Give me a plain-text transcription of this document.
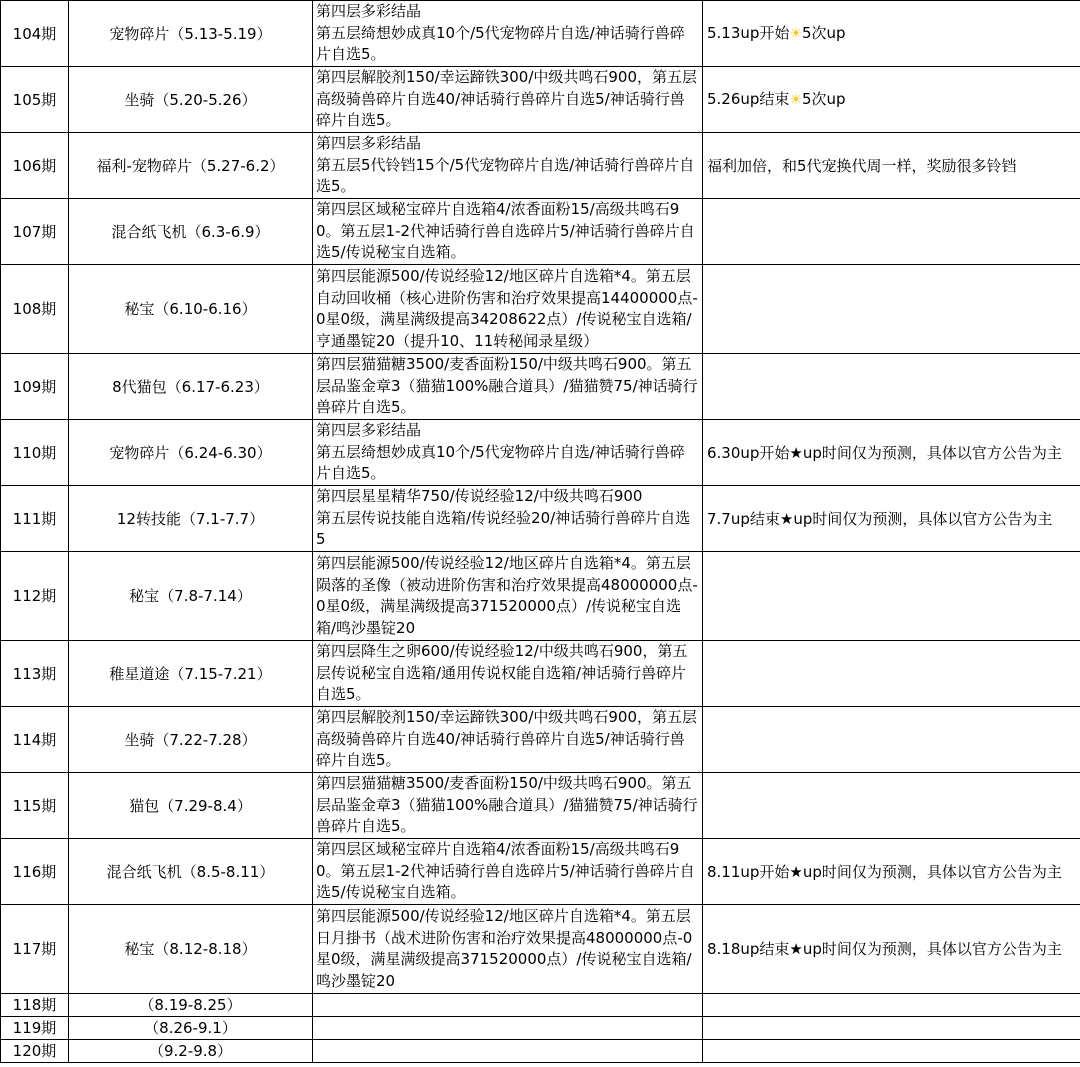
104期	宠物碎片（5.13-5.19）	第四层多彩结晶
第五层绮想妙成真10个/5代宠物碎片自选/神话骑行兽碎片自选5。	5.13up开始☀5次up
105期	坐骑（5.20-5.26）	第四层解胶剂150/幸运蹄铁300/中级共鸣石900，第五层高级骑兽碎片自选40/神话骑行兽碎片自选5/神话骑行兽碎片自选5。	5.26up结束☀5次up
106期	福利-宠物碎片（5.27-6.2）	第四层多彩结晶
第五层5代铃铛15个/5代宠物碎片自选/神话骑行兽碎片自选5。	福利加倍，和5代宠换代周一样，奖励很多铃铛
107期	混合纸飞机（6.3-6.9）	第四层区域秘宝碎片自选箱4/浓香面粉15/高级共鸣石90。第五层1-2代神话骑行兽自选碎片5/神话骑行兽碎片自选5/传说秘宝自选箱。	

108期	秘宝（6.10-6.16）	第四层能源500/传说经验12/地区碎片自选箱*4。第五层自动回收桶（核心进阶伤害和治疗效果提高14400000点-0星0级，满星满级提高34208622点）/传说秘宝自选箱/亨通墨锭20（提升10、11转秘闻录星级）	

109期	8代猫包（6.17-6.23）	第四层猫猫糖3500/麦香面粉150/中级共鸣石900。第五层品鉴金章3（猫猫100%融合道具）/猫猫赞75/神话骑行兽碎片自选5。	

110期	宠物碎片（6.24-6.30）	第四层多彩结晶
第五层绮想妙成真10个/5代宠物碎片自选/神话骑行兽碎片自选5。	6.30up开始★up时间仅为预测，具体以官方公告为主
111期	12转技能（7.1-7.7）	第四层星星精华750/传说经验12/中级共鸣石900
第五层传说技能自选箱/传说经验20/神话骑行兽碎片自选5	7.7up结束★up时间仅为预测，具体以官方公告为主
112期	秘宝（7.8-7.14）	第四层能源500/传说经验12/地区碎片自选箱*4。第五层陨落的圣像（被动进阶伤害和治疗效果提高48000000点-0星0级，满星满级提高371520000点）/传说秘宝自选箱/鸣沙墨锭20	

113期	稚星道途（7.15-7.21）	第四层降生之卵600/传说经验12/中级共鸣石900，第五层传说秘宝自选箱/通用传说权能自选箱/神话骑行兽碎片自选5。	

114期	坐骑（7.22-7.28）	第四层解胶剂150/幸运蹄铁300/中级共鸣石900，第五层高级骑兽碎片自选40/神话骑行兽碎片自选5/神话骑行兽碎片自选5。	

115期	猫包（7.29-8.4）	第四层猫猫糖3500/麦香面粉150/中级共鸣石900。第五层品鉴金章3（猫猫100%融合道具）/猫猫赞75/神话骑行兽碎片自选5。	

116期	混合纸飞机（8.5-8.11）	第四层区域秘宝碎片自选箱4/浓香面粉15/高级共鸣石90。第五层1-2代神话骑行兽自选碎片5/神话骑行兽碎片自选5/传说秘宝自选箱。	8.11up开始★up时间仅为预测，具体以官方公告为主
117期	秘宝（8.12-8.18）	第四层能源500/传说经验12/地区碎片自选箱*4。第五层日月掛书（战术进阶伤害和治疗效果提高48000000点-0星0级，满星满级提高371520000点）/传说秘宝自选箱/鸣沙墨锭20	8.18up结束★up时间仅为预测，具体以官方公告为主
118期	（8.19-8.25）		
119期	（8.26-9.1）		
120期	（9.2-9.8）		
